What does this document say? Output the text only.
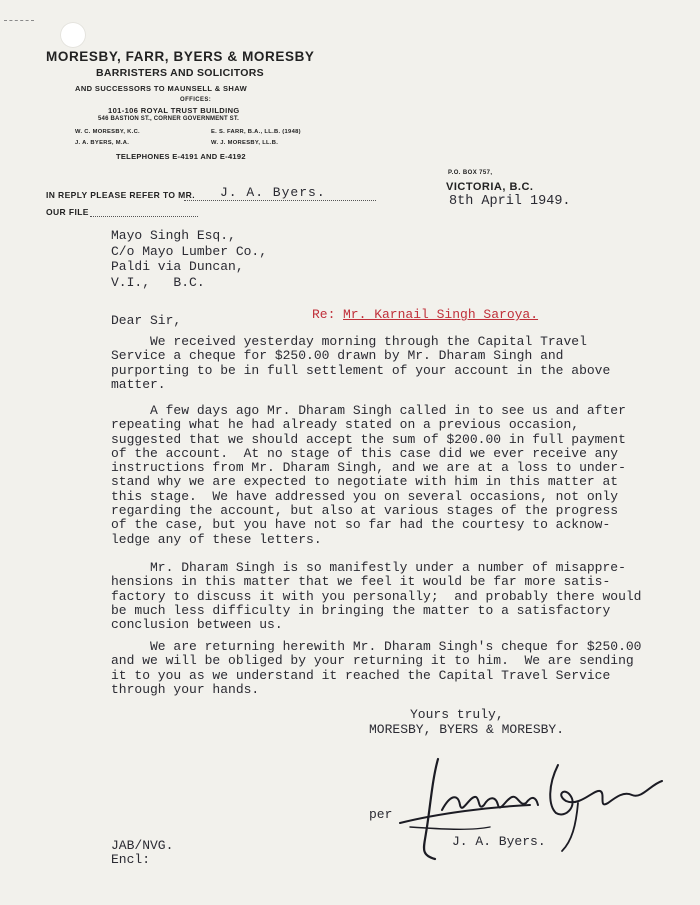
MORESBY, FARR, BYERS & MORESBY
BARRISTERS AND SOLICITORS
AND SUCCESSORS TO MAUNSELL & SHAW
OFFICES:
101-106 ROYAL TRUST BUILDING
546 BASTION ST., CORNER GOVERNMENT ST.
W. C. MORESBY, K.C.	E. S. FARR, B.A., LL.B. (1948)
J. A. BYERS, M.A.	W. J. MORESBY, LL.B.
TELEPHONES E-4191 AND E-4192
IN REPLY PLEASE REFER TO MR. J. A. Byers.
OUR FILE
P.O. BOX 757,
VICTORIA, B.C.
8th April 1949.
Mayo Singh Esq.,
C/o Mayo Lumber Co.,
Paldi via Duncan,
V.I.,   B.C.
Dear Sir,	Re: Mr. Karnail Singh Saroya.
We received yesterday morning through the Capital Travel
Service a cheque for $250.00 drawn by Mr. Dharam Singh and
purporting to be in full settlement of your account in the above
matter.
A few days ago Mr. Dharam Singh called in to see us and after
repeating what he had already stated on a previous occasion,
suggested that we should accept the sum of $200.00 in full payment
of the account.  At no stage of this case did we ever receive any
instructions from Mr. Dharam Singh, and we are at a loss to under-
stand why we are expected to negotiate with him in this matter at
this stage.  We have addressed you on several occasions, not only
regarding the account, but also at various stages of the progress
of the case, but you have not so far had the courtesy to acknow-
ledge any of these letters.
Mr. Dharam Singh is so manifestly under a number of misappre-
hensions in this matter that we feel it would be far more satis-
factory to discuss it with you personally;  and probably there would
be much less difficulty in bringing the matter to a satisfactory
conclusion between us.
We are returning herewith Mr. Dharam Singh's cheque for $250.00
and we will be obliged by your returning it to him.  We are sending
it to you as we understand it reached the Capital Travel Service
through your hands.
Yours truly,
MORESBY, BYERS & MORESBY.
per
J. A. Byers.
JAB/NVG.
Encl:
